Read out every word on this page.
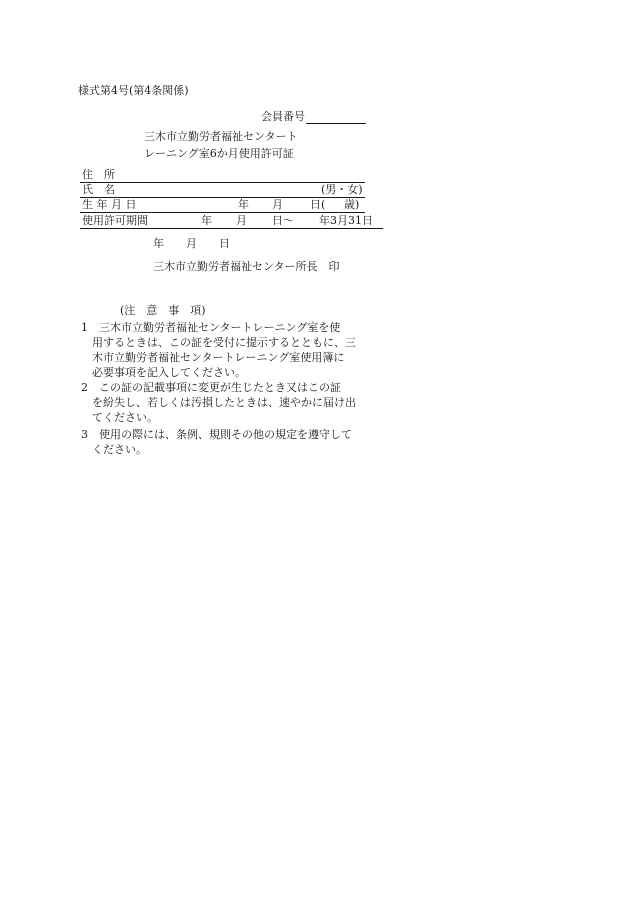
様式第4号(第4条関係)
会員番号
三木市立勤労者福祉センタート
レーニング室6か月使用許可証
住　所
氏　名	(男・女)
生 年 月 日	年 月 日( 歳)
使用許可期間	年 月 日〜 年3月31日
年　　月　　日
三木市立勤労者福祉センター所長　印
(注　意　事　項)
1　三木市立勤労者福祉センタートレーニング室を使
　用するときは、この証を受付に提示するとともに、三
　木市立勤労者福祉センタートレーニング室使用簿に
　必要事項を記入してください。
2　この証の記載事項に変更が生じたとき又はこの証
　を紛失し、若しくは汚損したときは、速やかに届け出
　てください。
3　使用の際には、条例、規則その他の規定を遵守して
　ください。
